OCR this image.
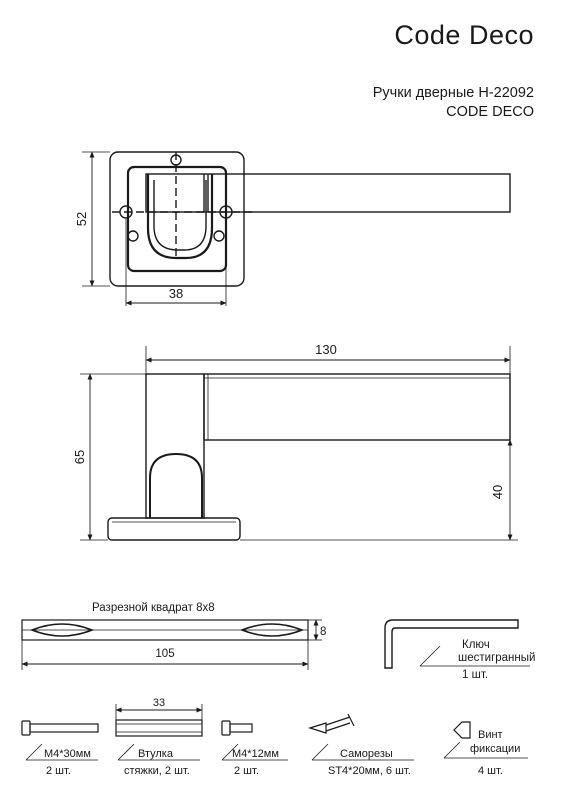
Code Deco
Ручки дверные H-22092
CODE DECO
52
38
130
65
40
Разрезной квадрат 8х8
8
105
Ключ
шестигранный
1 шт.
М4*30мм
2 шт.
33
Втулка
стяжки, 2 шт.
М4*12мм
2 шт.
Саморезы
ST4*20мм, 6 шт.
Винт
фиксации
4 шт.
